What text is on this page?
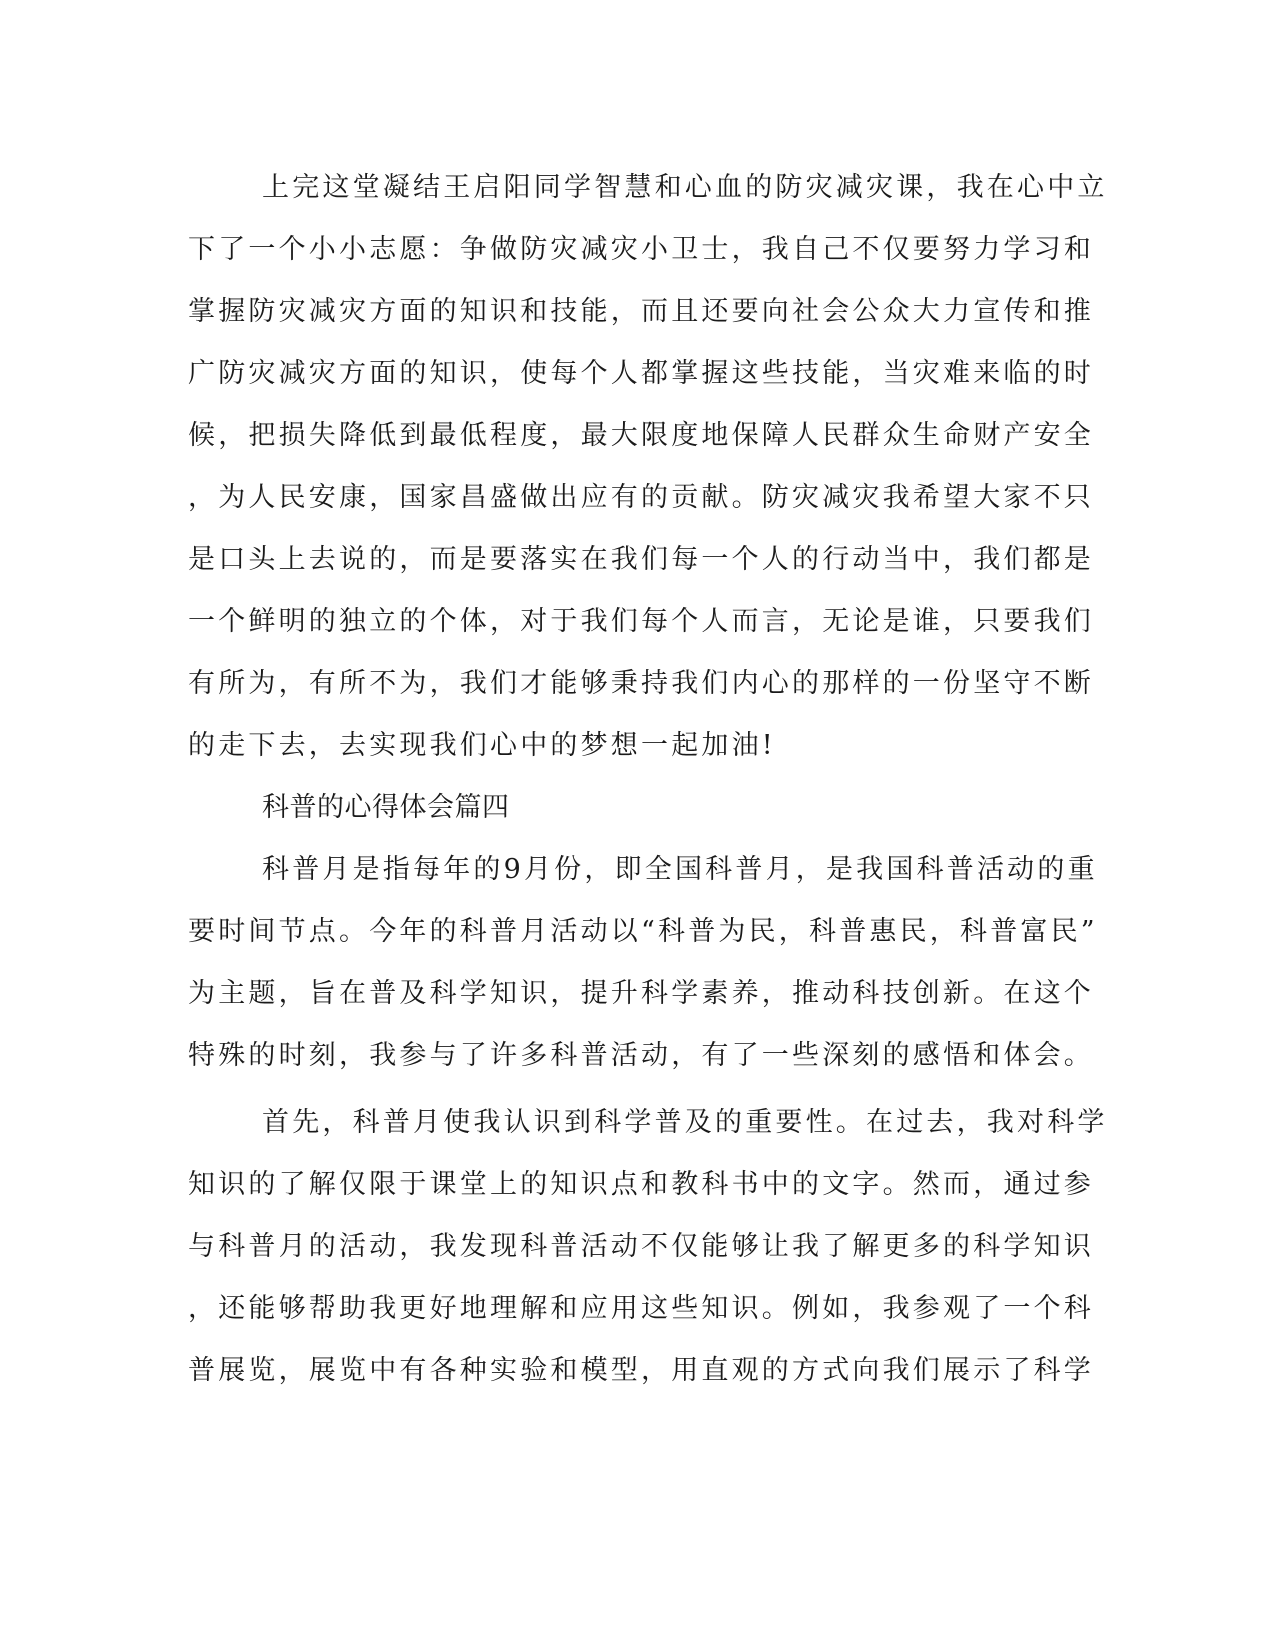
上完这堂凝结王启阳同学智慧和心血的防灾减灾课，我在心中立
下了一个小小志愿：争做防灾减灾小卫士，我自己不仅要努力学习和
掌握防灾减灾方面的知识和技能，而且还要向社会公众大力宣传和推
广防灾减灾方面的知识，使每个人都掌握这些技能，当灾难来临的时
候，把损失降低到最低程度，最大限度地保障人民群众生命财产安全
，为人民安康，国家昌盛做出应有的贡献。防灾减灾我希望大家不只
是口头上去说的，而是要落实在我们每一个人的行动当中，我们都是
一个鲜明的独立的个体，对于我们每个人而言，无论是谁，只要我们
有所为，有所不为，我们才能够秉持我们内心的那样的一份坚守不断
的走下去，去实现我们心中的梦想一起加油!
科普的心得体会篇四
科普月是指每年的9月份，即全国科普月，是我国科普活动的重
要时间节点。今年的科普月活动以“科普为民，科普惠民，科普富民”
为主题，旨在普及科学知识，提升科学素养，推动科技创新。在这个
特殊的时刻，我参与了许多科普活动，有了一些深刻的感悟和体会。
首先，科普月使我认识到科学普及的重要性。在过去，我对科学
知识的了解仅限于课堂上的知识点和教科书中的文字。然而，通过参
与科普月的活动，我发现科普活动不仅能够让我了解更多的科学知识
，还能够帮助我更好地理解和应用这些知识。例如，我参观了一个科
普展览，展览中有各种实验和模型，用直观的方式向我们展示了科学
